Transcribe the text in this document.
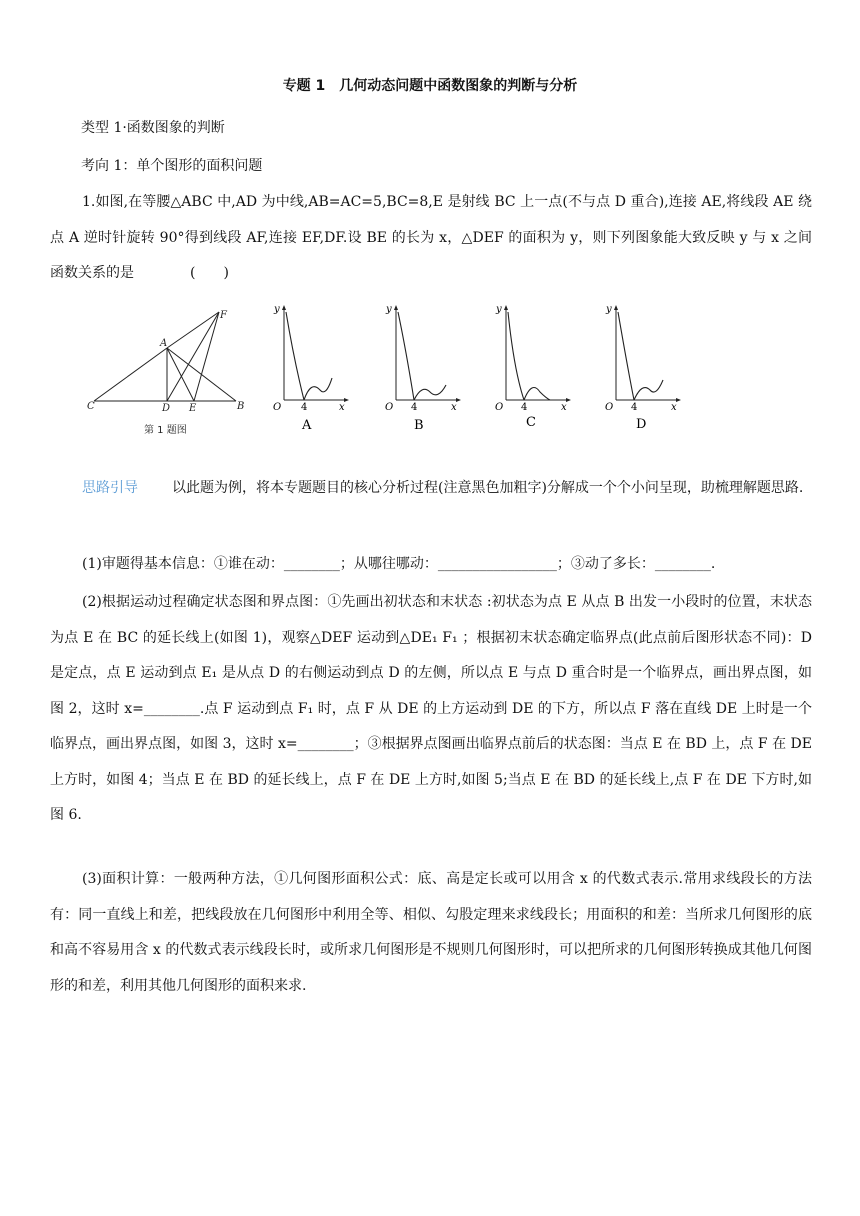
专题 1　几何动态问题中函数图象的判断与分析
类型 1·函数图象的判断
考向 1：单个图形的面积问题
1.如图,在等腰△ABC 中,AD 为中线,AB=AC=5,BC=8,E 是射线 BC 上一点(不与点 D 重合),连接 AE,将线段 AE 绕点 A 逆时针旋转 90°得到线段 AF,连接 EF,DF.设 BE 的长为 x，△DEF 的面积为 y，则下列图象能大致反映 y 与 x 之间函数关系的是　　　　(　　)
A
B
C	D E
F
第 1 题图
y
O 4	x
A
y
O 4	x
B
y
O 4	x
C
y
O 4	x
D
思路引导 以此题为例，将本专题题目的核心分析过程(注意黑色加粗字)分解成一个个小问呈现，助梳理解题思路.
(1)审题得基本信息：①谁在动：________；从哪往哪动：_________________；③动了多长：________.
(2)根据运动过程确定状态图和界点图：①先画出初状态和末状态 :初状态为点 E 从点 B 出发一小段时的位置，末状态为点 E 在 BC 的延长线上(如图 1)，观察△DEF 运动到△DE₁ F₁ ；根据初末状态确定临界点(此点前后图形状态不同)：D 是定点，点 E 运动到点 E₁ 是从点 D 的右侧运动到点 D 的左侧，所以点 E 与点 D 重合时是一个临界点，画出界点图，如图 2，这时 x=________.点 F 运动到点 F₁ 时，点 F 从 DE 的上方运动到 DE 的下方，所以点 F 落在直线 DE 上时是一个临界点，画出界点图，如图 3，这时 x=________；③根据界点图画出临界点前后的状态图：当点 E 在 BD 上，点 F 在 DE 上方时，如图 4；当点 E 在 BD 的延长线上，点 F 在 DE 上方时,如图 5;当点 E 在 BD 的延长线上,点 F 在 DE 下方时,如图 6.
(3)面积计算：一般两种方法，①几何图形面积公式：底、高是定长或可以用含 x 的代数式表示.常用求线段长的方法有：同一直线上和差，把线段放在几何图形中利用全等、相似、勾股定理来求线段长；用面积的和差：当所求几何图形的底和高不容易用含 x 的代数式表示线段长时，或所求几何图形是不规则几何图形时，可以把所求的几何图形转换成其他几何图形的和差，利用其他几何图形的面积来求.
